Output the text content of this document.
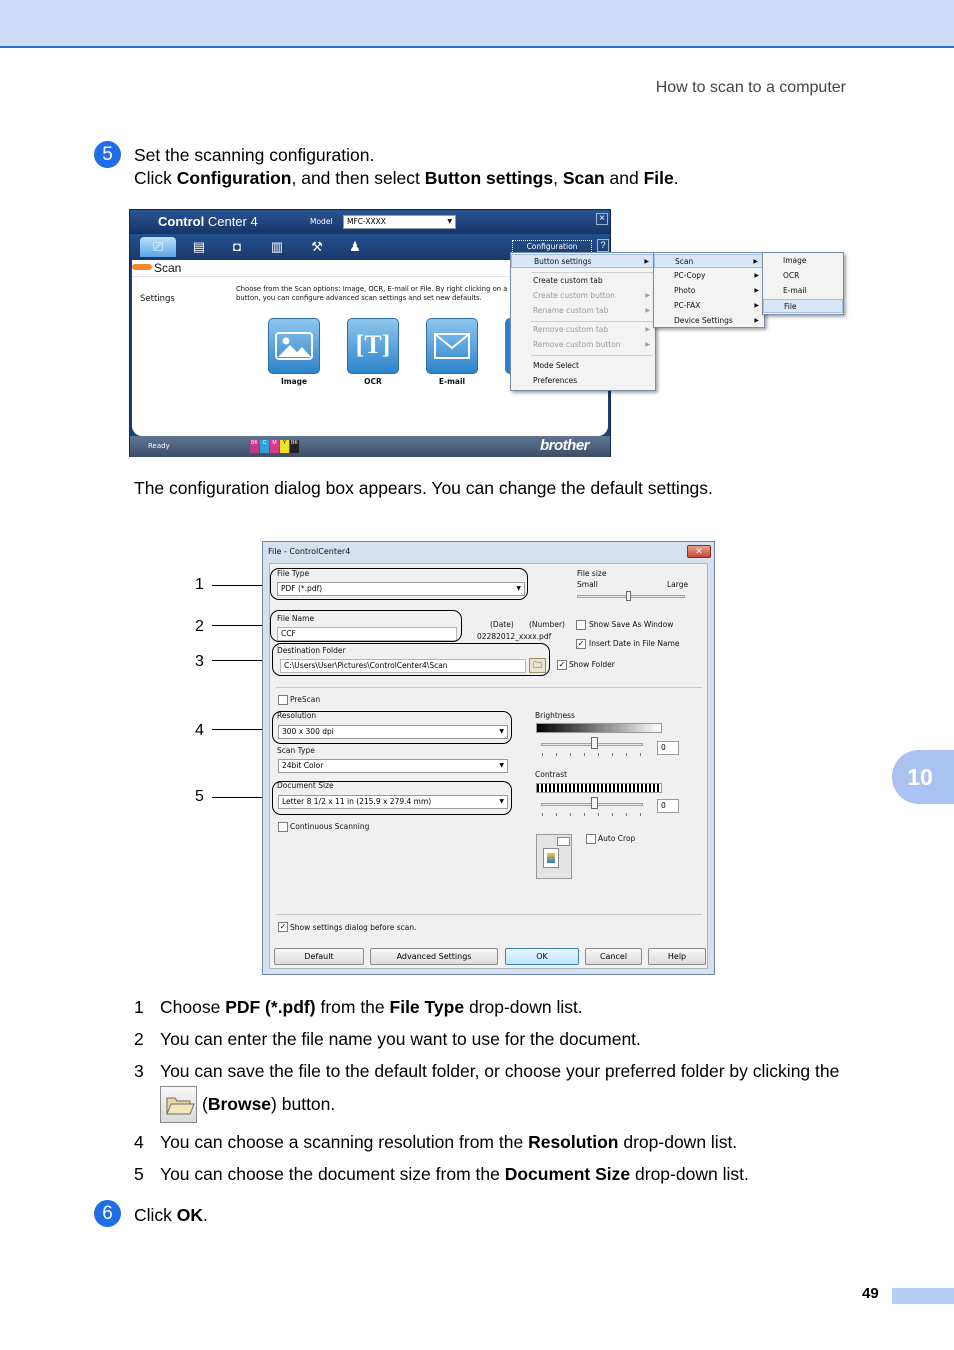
How to scan to a computer
10
5	Set the scanning configuration.
Click Configuration, and then select Button settings, Scan and File.
Control Center 4	Model	MFC-XXXX	▼	×
⎚	▤	◘	▥	⚒	♟	Configuration	?
Scan
Settings
Choose from the Scan options: Image, OCR, E-mail or File. By right clicking on a button, you can configure advanced scan settings and set new defaults.
Image
[T]
OCR	E-mail
Ready	BK C	M	Y BK	brother
Button settings	▶
Create custom tab
Create custom button	▶
Rename custom tab	▶
Remove custom tab	▶
Remove custom button	▶
Mode Select
Preferences
Scan	▶
PC-Copy	▶
Photo	▶
PC-FAX	▶
Device Settings	▶
Image
OCR
E-mail
File
The configuration dialog box appears. You can change the default settings.
1
2
3
4
5
File - ControlCenter4	✕
File Type
PDF (*.pdf)	▼
File size
Small	Large
File Name
CCF
(Date) (Number)
02282012_xxxx.pdf
Show Save As Window
✓ Insert Date in File Name
Destination Folder
C:\Users\User\Pictures\ControlCenter4\Scan	🗀	✓ Show Folder
PreScan
Resolution
300 x 300 dpi	▼
Scan Type
24bit Color	▼
Document Size
Letter 8 1/2 x 11 in (215.9 x 279.4 mm)	▼
Continuous Scanning
Brightness
0
Contrast
0
Auto Crop
✓ Show settings dialog before scan.
Default	Advanced Settings	OK	Cancel	Help
1 Choose PDF (*.pdf) from the File Type drop-down list.
2 You can enter the file name you want to use for the document.
3 You can save the file to the default folder, or choose your preferred folder by clicking the
(Browse) button.
4 You can choose a scanning resolution from the Resolution drop-down list.
5 You can choose the document size from the Document Size drop-down list.
6	Click OK.
49
